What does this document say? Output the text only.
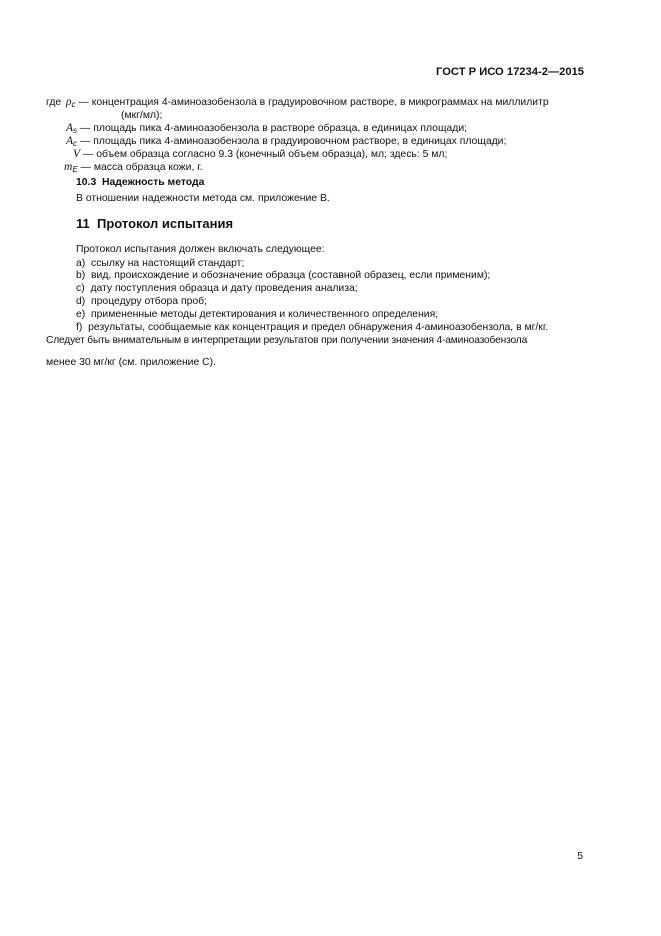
ГОСТ Р ИСО 17234-2—2015
где $\rho_c$ — концентрация 4-аминоазобензола в градуировочном растворе, в микрограммах на миллилитр
(мкг/мл);
$A_s$ — площадь пика 4-аминоазобензола в растворе образца, в единицах площади;
$A_c$ — площадь пика 4-аминоазобензола в градуировочном растворе, в единицах площади;
V — объем образца согласно 9.3 (конечный объем образца), мл; здесь: 5 мл;
$m_E$ — масса образца кожи, г.
10.3 Надежность метода
В отношении надежности метода см. приложение В.
11 Протокол испытания
Протокол испытания должен включать следующее:
a) ссылку на настоящий стандарт;
b) вид, происхождение и обозначение образца (составной образец, если применим);
c) дату поступления образца и дату проведения анализа;
d) процедуру отбора проб;
e) примененные методы детектирования и количественного определения;
f) результаты, сообщаемые как концентрация и предел обнаружения 4-аминоазобензола, в мг/кг.
Следует быть внимательным в интерпретации результатов при получении значения 4-аминоазобензола
менее 30 мг/кг (см. приложение С).
5
